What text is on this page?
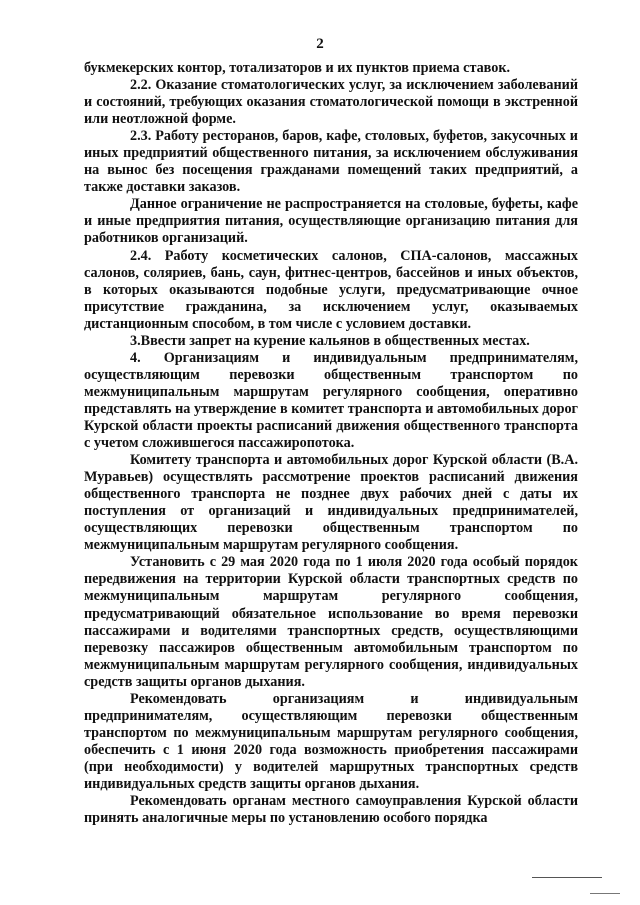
2

букмекерских контор, тотализаторов и их пунктов приема ставок.

2.2. Оказание стоматологических услуг, за исключением заболеваний и состояний, требующих оказания стоматологической помощи в экстренной или неотложной форме.

2.3. Работу ресторанов, баров, кафе, столовых, буфетов, закусочных и иных предприятий общественного питания, за исключением обслуживания на вынос без посещения гражданами помещений таких предприятий, а также доставки заказов.

Данное ограничение не распространяется на столовые, буфеты, кафе и иные предприятия питания, осуществляющие организацию питания для работников организаций.

2.4. Работу косметических салонов, СПА-салонов, массажных салонов, соляриев, бань, саун, фитнес-центров, бассейнов и иных объектов, в которых оказываются подобные услуги, предусматривающие очное присутствие гражданина, за исключением услуг, оказываемых дистанционным способом, в том числе с условием доставки.

3.Ввести запрет на курение кальянов в общественных местах.

4. Организациям и индивидуальным предпринимателям, осуществляющим перевозки общественным транспортом по межмуниципальным маршрутам регулярного сообщения, оперативно представлять на утверждение в комитет транспорта и автомобильных дорог Курской области проекты расписаний движения общественного транспорта с учетом сложившегося пассажиропотока.

Комитету транспорта и автомобильных дорог Курской области (В.А. Муравьев) осуществлять рассмотрение проектов расписаний движения общественного транспорта не позднее двух рабочих дней с даты их поступления от организаций и индивидуальных предпринимателей, осуществляющих перевозки общественным транспортом по межмуниципальным маршрутам регулярного сообщения.

Установить с 29 мая 2020 года по 1 июля 2020 года особый порядок передвижения на территории Курской области транспортных средств по межмуниципальным маршрутам регулярного сообщения, предусматривающий обязательное использование во время перевозки пассажирами и водителями транспортных средств, осуществляющими перевозку пассажиров общественным автомобильным транспортом по межмуниципальным маршрутам регулярного сообщения, индивидуальных средств защиты органов дыхания.

Рекомендовать организациям и индивидуальным предпринимателям, осуществляющим перевозки общественным транспортом по межмуниципальным маршрутам регулярного сообщения, обеспечить с 1 июня 2020 года возможность приобретения пассажирами (при необходимости) у водителей маршрутных транспортных средств индивидуальных средств защиты органов дыхания.

Рекомендовать органам местного самоуправления Курской области принять аналогичные меры по установлению особого порядка
